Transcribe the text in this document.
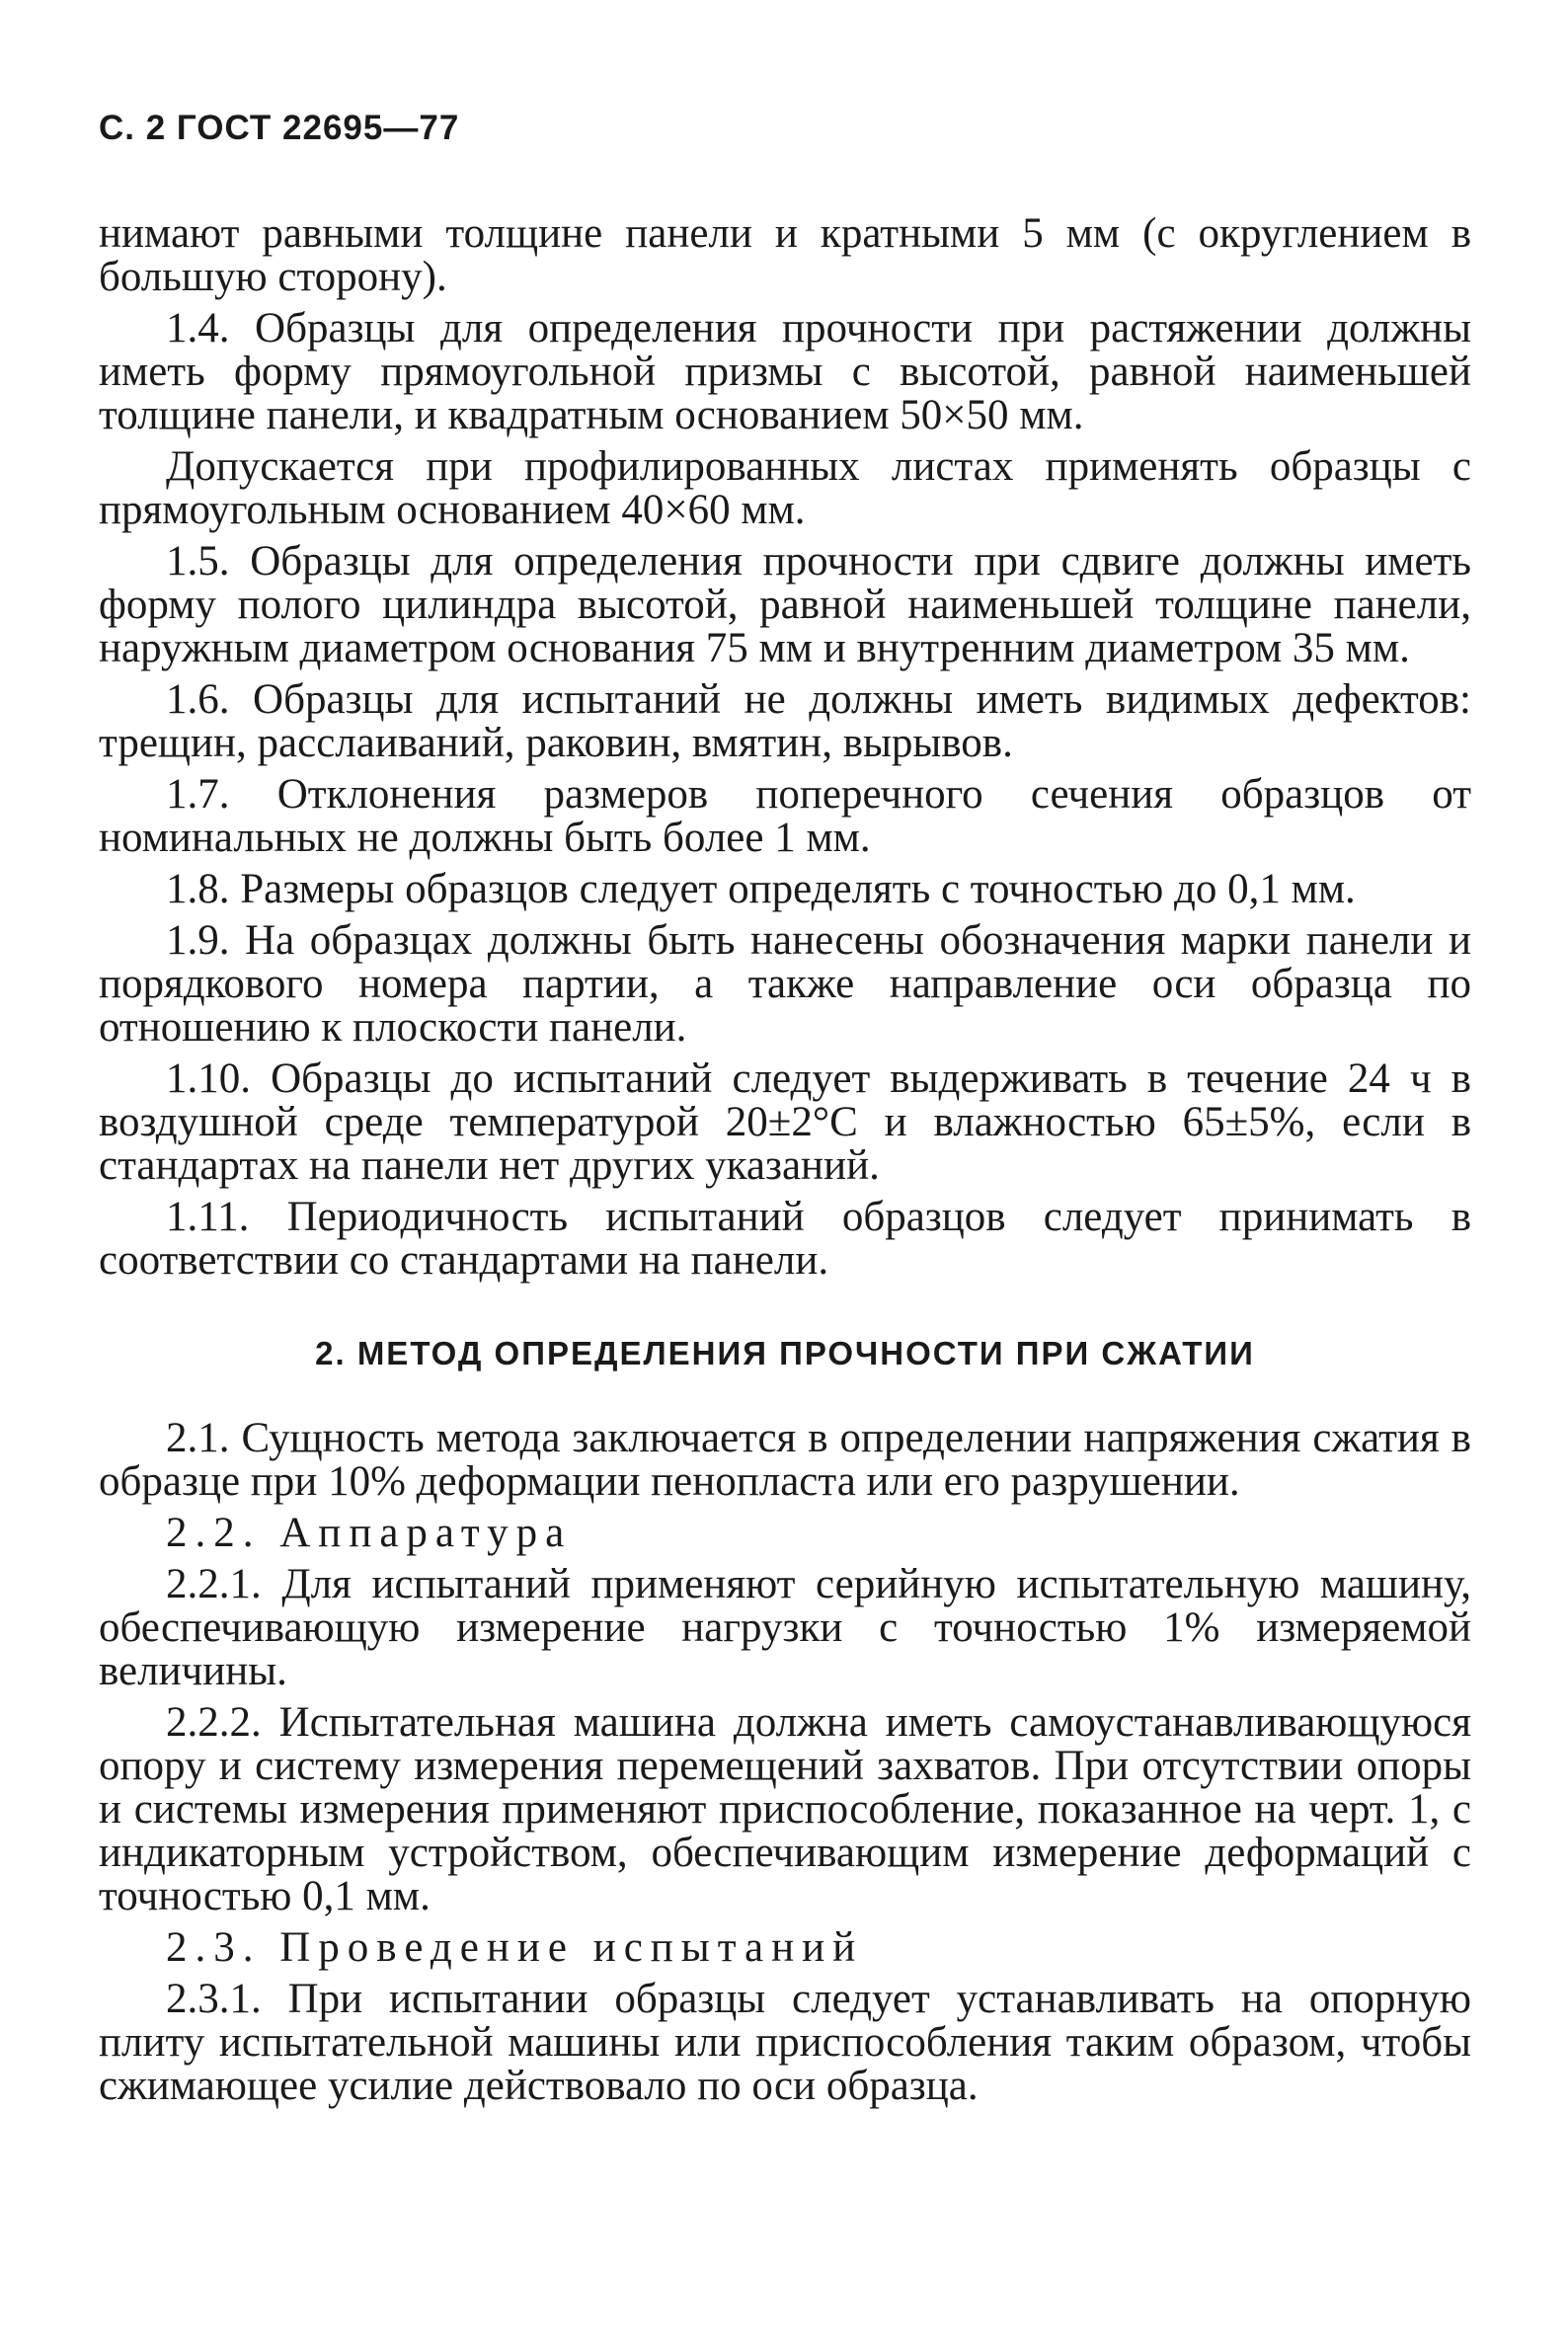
С. 2 ГОСТ 22695—77

нимают равными толщине панели и кратными 5 мм (с округлением в большую сторону).

1.4. Образцы для определения прочности при растяжении должны иметь форму прямоугольной призмы с высотой, равной наименьшей толщине панели, и квадратным основанием 50×50 мм.

Допускается при профилированных листах применять образцы с прямоугольным основанием 40×60 мм.

1.5. Образцы для определения прочности при сдвиге должны иметь форму полого цилиндра высотой, равной наименьшей толщине панели, наружным диаметром основания 75 мм и внутренним диаметром 35 мм.

1.6. Образцы для испытаний не должны иметь видимых дефектов: трещин, расслаиваний, раковин, вмятин, вырывов.

1.7. Отклонения размеров поперечного сечения образцов от номинальных не должны быть более 1 мм.

1.8. Размеры образцов следует определять с точностью до 0,1 мм.

1.9. На образцах должны быть нанесены обозначения марки панели и порядкового номера партии, а также направление оси образца по отношению к плоскости панели.

1.10. Образцы до испытаний следует выдерживать в течение 24 ч в воздушной среде температурой 20±2°С и влажностью 65±5%, если в стандартах на панели нет других указаний.

1.11. Периодичность испытаний образцов следует принимать в соответствии со стандартами на панели.

2. МЕТОД ОПРЕДЕЛЕНИЯ ПРОЧНОСТИ ПРИ СЖАТИИ

2.1. Сущность метода заключается в определении напряжения сжатия в образце при 10% деформации пенопласта или его разрушении.

2.2. Аппаратура

2.2.1. Для испытаний применяют серийную испытательную машину, обеспечивающую измерение нагрузки с точностью 1% измеряемой величины.

2.2.2. Испытательная машина должна иметь самоустанавливающуюся опору и систему измерения перемещений захватов. При отсутствии опоры и системы измерения применяют приспособление, показанное на черт. 1, с индикаторным устройством, обеспечивающим измерение деформаций с точностью 0,1 мм.

2.3. Проведение испытаний

2.3.1. При испытании образцы следует устанавливать на опорную плиту испытательной машины или приспособления таким образом, чтобы сжимающее усилие действовало по оси образца.
